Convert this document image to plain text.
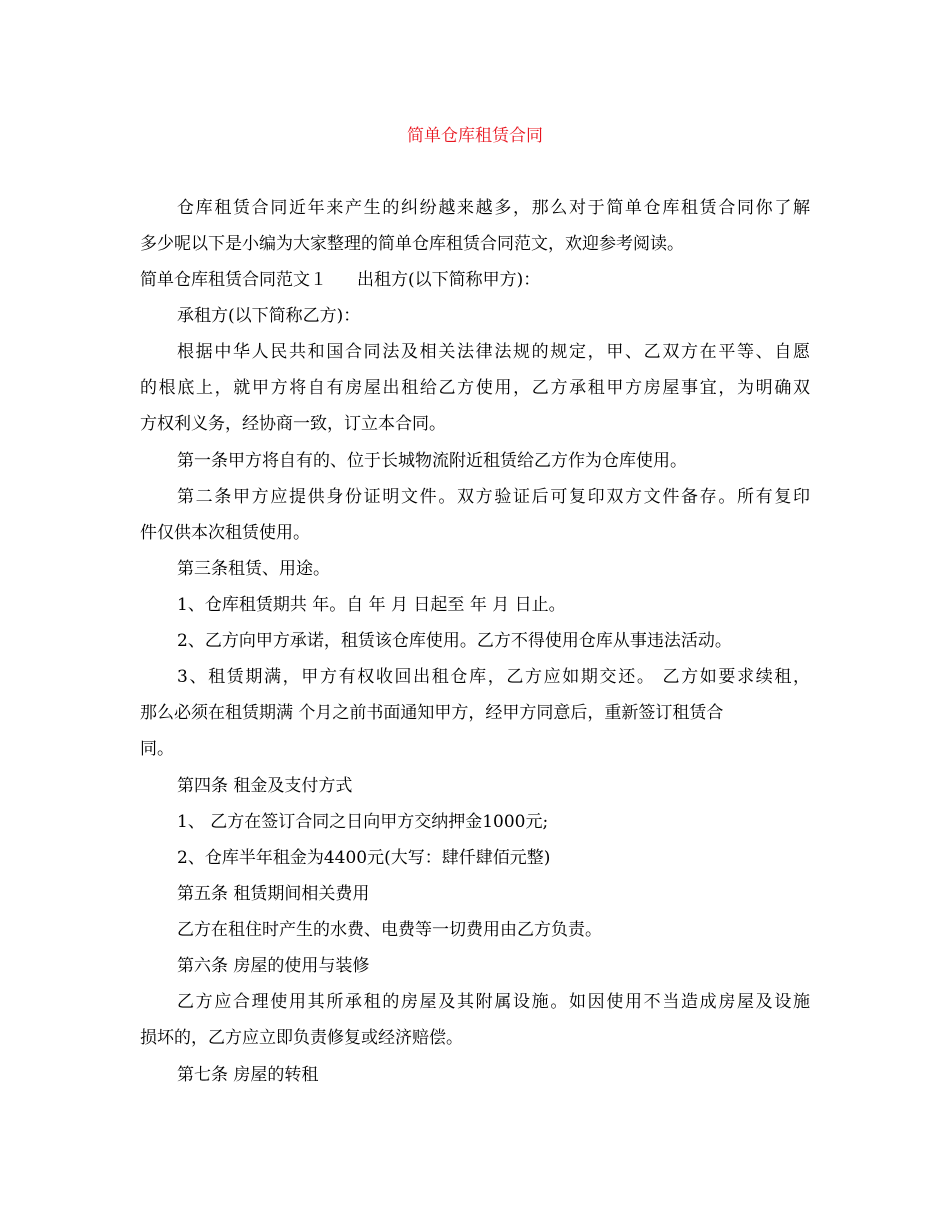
简单仓库租赁合同
仓库租赁合同近年来产生的纠纷越来越多，那么对于简单仓库租赁合同你了解
多少呢以下是小编为大家整理的简单仓库租赁合同范文，欢迎参考阅读。
简单仓库租赁合同范文１ 出租方(以下简称甲方)：
承租方(以下简称乙方)：
根据中华人民共和国合同法及相关法律法规的规定，甲、乙双方在平等、自愿
的根底上，就甲方将自有房屋出租给乙方使用，乙方承租甲方房屋事宜，为明确双
方权利义务，经协商一致，订立本合同。
第一条甲方将自有的、位于长城物流附近租赁给乙方作为仓库使用。
第二条甲方应提供身份证明文件。双方验证后可复印双方文件备存。所有复印
件仅供本次租赁使用。
第三条租赁、用途。
1、仓库租赁期共 年。自 年 月 日起至 年 月 日止。
2、乙方向甲方承诺，租赁该仓库使用。乙方不得使用仓库从事违法活动。
3、租赁期满，甲方有权收回出租仓库，乙方应如期交还。 乙方如要求续租，
那么必须在租赁期满 个月之前书面通知甲方，经甲方同意后，重新签订租赁合
同。
第四条 租金及支付方式
1、 乙方在签订合同之日向甲方交纳押金1000元;
2、仓库半年租金为4400元(大写：肆仟肆佰元整)
第五条 租赁期间相关费用
乙方在租住时产生的水费、电费等一切费用由乙方负责。
第六条 房屋的使用与装修
乙方应合理使用其所承租的房屋及其附属设施。如因使用不当造成房屋及设施
损坏的，乙方应立即负责修复或经济赔偿。
第七条 房屋的转租
